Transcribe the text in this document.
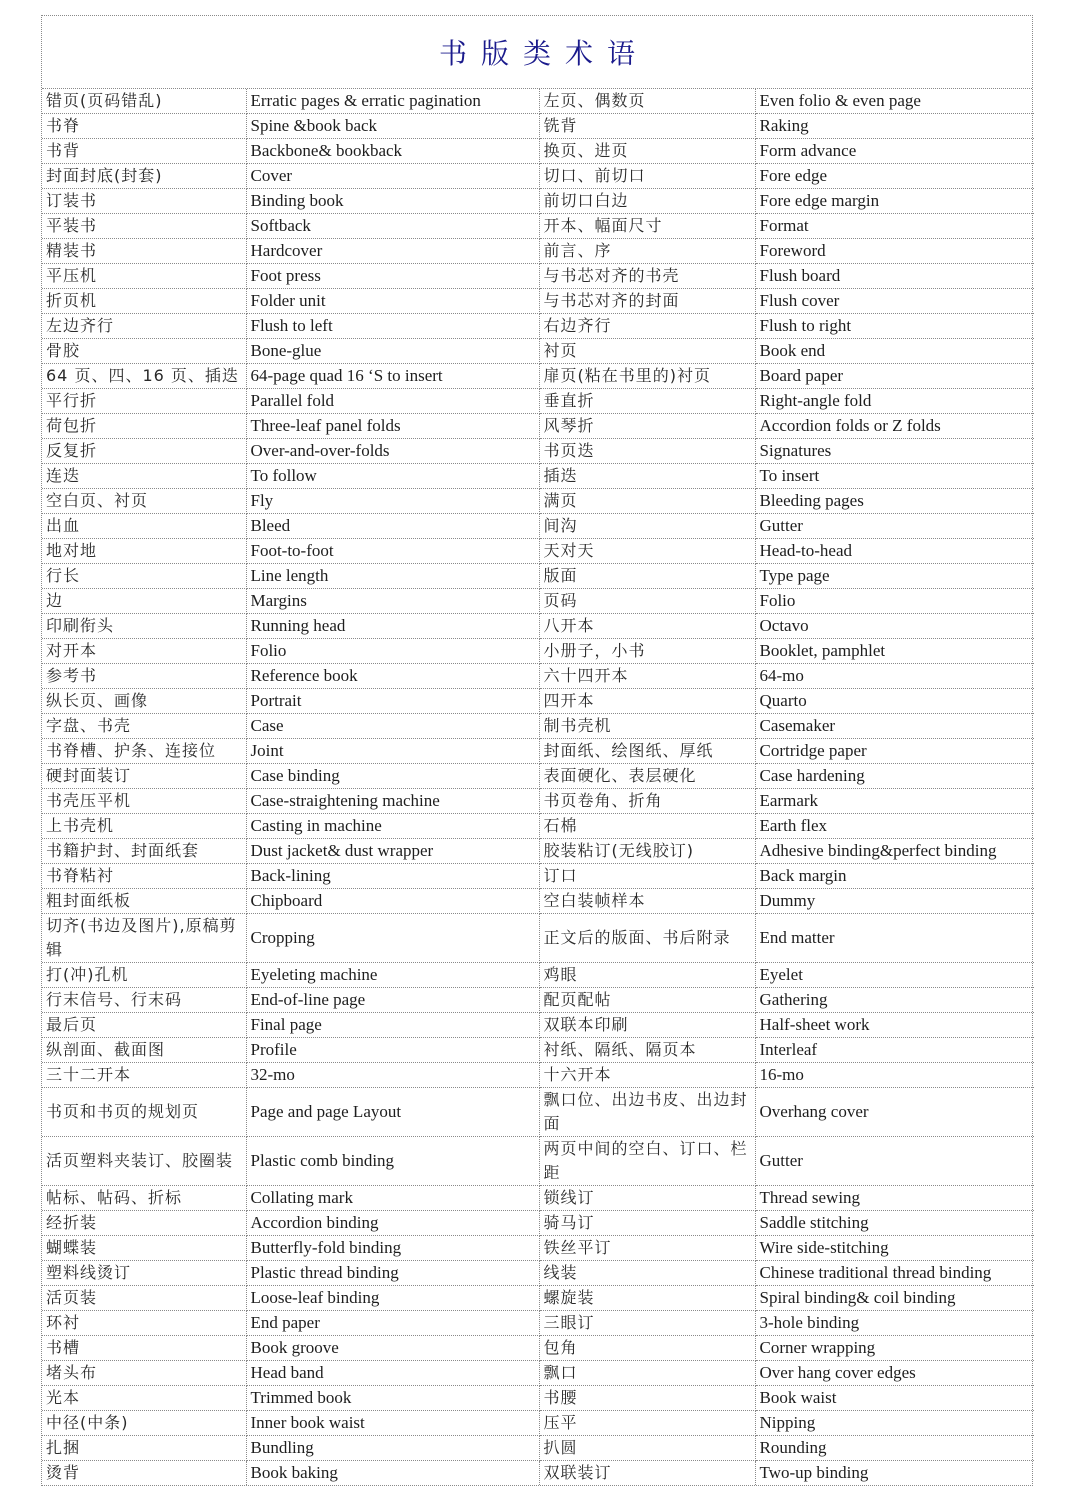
书版类术语
错页(页码错乱)	Erratic pages & erratic pagination	左页、偶数页	Even folio & even page
书脊	Spine &book back	铣背	Raking
书背	Backbone& bookback	换页、进页	Form advance
封面封底(封套)	Cover	切口、前切口	Fore edge
订装书	Binding book	前切口白边	Fore edge margin
平装书	Softback	开本、幅面尺寸	Format
精装书	Hardcover	前言、序	Foreword
平压机	Foot press	与书芯对齐的书壳	Flush board
折页机	Folder unit	与书芯对齐的封面	Flush cover
左边齐行	Flush to left	右边齐行	Flush to right
骨胶	Bone-glue	衬页	Book end
64 页、四、16 页、插迭	64-page quad 16 ‘S to insert	扉页(粘在书里的)衬页	Board paper
平行折	Parallel fold	垂直折	Right-angle fold
荷包折	Three-leaf panel folds	风琴折	Accordion folds or Z folds
反复折	Over-and-over-folds	书页迭	Signatures
连迭	To follow	插迭	To insert
空白页、衬页	Fly	满页	Bleeding pages
出血	Bleed	间沟	Gutter
地对地	Foot-to-foot	天对天	Head-to-head
行长	Line length	版面	Type page
边	Margins	页码	Folio
印刷衔头	Running head	八开本	Octavo
对开本	Folio	小册子，小书	Booklet, pamphlet
参考书	Reference book	六十四开本	64-mo
纵长页、画像	Portrait	四开本	Quarto
字盘、书壳	Case	制书壳机	Casemaker
书脊槽、护条、连接位	Joint	封面纸、绘图纸、厚纸	Cortridge paper
硬封面装订	Case binding	表面硬化、表层硬化	Case hardening
书壳压平机	Case-straightening machine	书页卷角、折角	Earmark
上书壳机	Casting in machine	石棉	Earth flex
书籍护封、封面纸套	Dust jacket& dust wrapper	胶装粘订(无线胶订)	Adhesive binding&perfect binding
书脊粘衬	Back-lining	订口	Back margin
粗封面纸板	Chipboard	空白装帧样本	Dummy
切齐(书边及图片),原稿剪辑	Cropping	正文后的版面、书后附录	End matter
打(冲)孔机	Eyeleting machine	鸡眼	Eyelet
行末信号、行末码	End-of-line page	配页配帖	Gathering
最后页	Final page	双联本印刷	Half-sheet work
纵剖面、截面图	Profile	衬纸、隔纸、隔页本	Interleaf
三十二开本	32-mo	十六开本	16-mo
书页和书页的规划页	Page and page Layout	飘口位、出边书皮、出边封面	Overhang cover
活页塑料夹装订、胶圈装	Plastic comb binding	两页中间的空白、订口、栏距	Gutter
帖标、帖码、折标	Collating mark	锁线订	Thread sewing
经折装	Accordion binding	骑马订	Saddle stitching
蝴蝶装	Butterfly-fold binding	铁丝平订	Wire side-stitching
塑料线烫订	Plastic thread binding	线装	Chinese traditional thread binding
活页装	Loose-leaf binding	螺旋装	Spiral binding& coil binding
环衬	End paper	三眼订	3-hole binding
书槽	Book groove	包角	Corner wrapping
堵头布	Head band	飘口	Over hang cover edges
光本	Trimmed book	书腰	Book waist
中径(中条)	Inner book waist	压平	Nipping
扎捆	Bundling	扒圆	Rounding
烫背	Book baking	双联装订	Two-up binding
